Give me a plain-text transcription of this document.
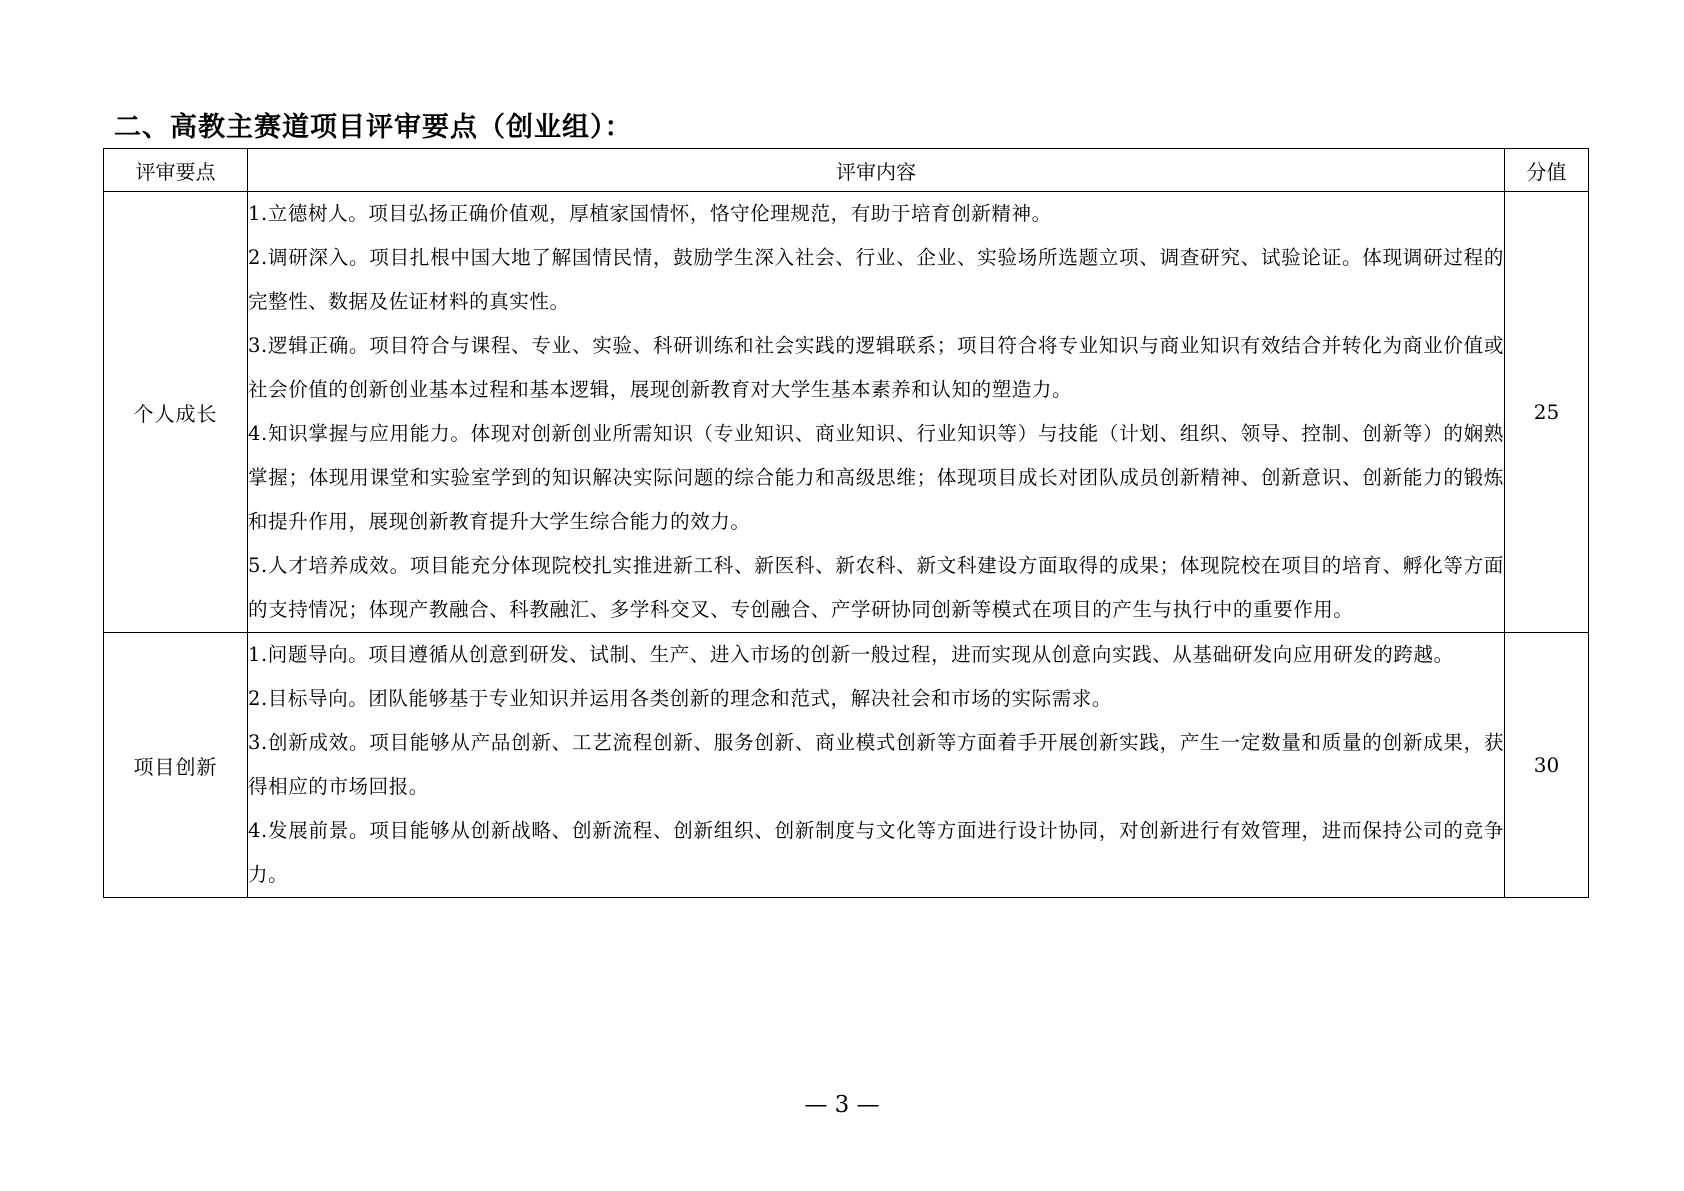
二、高教主赛道项目评审要点（创业组）：
评审要点	评审内容	分值
个人成长	1.立德树人。项目弘扬正确价值观，厚植家国情怀，恪守伦理规范，有助于培育创新精神。

2.调研深入。项目扎根中国大地了解国情民情，鼓励学生深入社会、行业、企业、实验场所选题立项、调查研究、试验论证。体现调研过程的完整性、数据及佐证材料的真实性。

3.逻辑正确。项目符合与课程、专业、实验、科研训练和社会实践的逻辑联系；项目符合将专业知识与商业知识有效结合并转化为商业价值或社会价值的创新创业基本过程和基本逻辑，展现创新教育对大学生基本素养和认知的塑造力。

4.知识掌握与应用能力。体现对创新创业所需知识（专业知识、商业知识、行业知识等）与技能（计划、组织、领导、控制、创新等）的娴熟掌握；体现用课堂和实验室学到的知识解决实际问题的综合能力和高级思维；体现项目成长对团队成员创新精神、创新意识、创新能力的锻炼和提升作用，展现创新教育提升大学生综合能力的效力。

5.人才培养成效。项目能充分体现院校扎实推进新工科、新医科、新农科、新文科建设方面取得的成果；体现院校在项目的培育、孵化等方面的支持情况；体现产教融合、科教融汇、多学科交叉、专创融合、产学研协同创新等模式在项目的产生与执行中的重要作用。	25
项目创新	1.问题导向。项目遵循从创意到研发、试制、生产、进入市场的创新一般过程，进而实现从创意向实践、从基础研发向应用研发的跨越。

2.目标导向。团队能够基于专业知识并运用各类创新的理念和范式，解决社会和市场的实际需求。

3.创新成效。项目能够从产品创新、工艺流程创新、服务创新、商业模式创新等方面着手开展创新实践，产生一定数量和质量的创新成果，获得相应的市场回报。

4.发展前景。项目能够从创新战略、创新流程、创新组织、创新制度与文化等方面进行设计协同，对创新进行有效管理，进而保持公司的竞争力。	30
— 3 —
